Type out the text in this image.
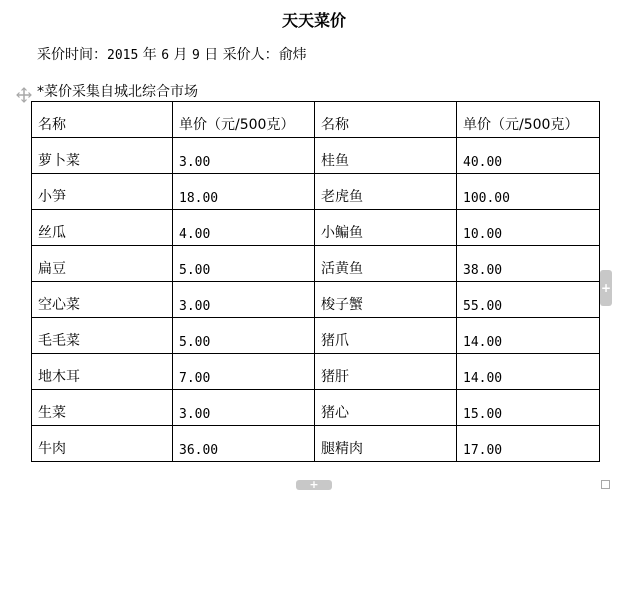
天天菜价
采价时间：2015 年 6 月 9 日 采价人：俞炜
*菜价采集自城北综合市场
名称	单价（元/500克）	名称	单价（元/500克）
萝卜菜	3.00	桂鱼	40.00
小笋	18.00	老虎鱼	100.00
丝瓜	4.00	小鳊鱼	10.00
扁豆	5.00	活黄鱼	38.00
空心菜	3.00	梭子蟹	55.00
毛毛菜	5.00	猪爪	14.00
地木耳	7.00	猪肝	14.00
生菜	3.00	猪心	15.00
牛肉	36.00	腿精肉	17.00
+
+
